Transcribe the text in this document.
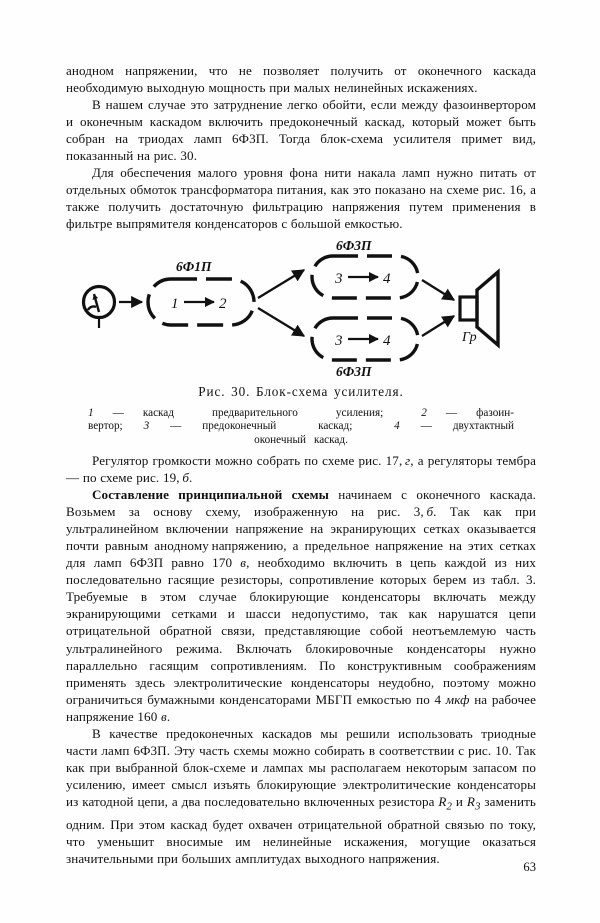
анодном напряжении, что не позволяет получить от оконечного каскада необходимую выходную мощность при малых нелинейных искажениях.

В нашем случае это затруднение легко обойти, если между фазоинвертором и оконечным каскадом включить предоконечный каскад, который может быть собран на триодах ламп 6Ф3П. Тогда блок-схема усилителя примет вид, показанный на рис. 30.

Для обеспечения малого уровня фона нити накала ламп нужно питать от отдельных обмоток трансформатора питания, как это показано на схеме рис. 16, а также получить достаточную фильтрацию напряжения путем применения в фильтре выпрямителя конденсаторов с большой емкостью.

1	2
6Ф1П
6Ф3П
3	4
3	4
6Ф3П
Гр
Рис. 30. Блок-схема усилителя.
1 — каскад  предварительного  усиления;  2 — фазоин-
вертор; 3 — предоконечный  каскад;  4 — двухтактный
оконечный  каскад.

Регулятор громкости можно собрать по схеме рис. 17, г, а регуляторы тембра — по схеме рис. 19, б.

Составление принципиальной схемы начинаем с оконечного каскада. Возьмем за основу схему, изображенную на рис. 3, б. Так как при ультралинейном включении напряжение на экранирующих сетках оказывается почти равным анодному напряжению, а предельное напряжение на этих сетках для ламп 6Ф3П равно 170 в, необходимо включить в цепь каждой из них последовательно гасящие резисторы, сопротивление которых берем из табл. 3. Требуемые в этом случае блокирующие конденсаторы включать между экранирующими сетками и шасси недопустимо, так как нарушатся цепи отрицательной обратной связи, представляющие собой неотъемлемую часть ультралинейного режима. Включать блокировочные конденсаторы нужно параллельно гасящим сопротивлениям. По конструктивным соображениям применять здесь электролитические конденсаторы неудобно, поэтому можно ограничиться бумажными конденсаторами МБГП емкостью по 4 мкф на рабочее напряжение 160 в.

В качестве предоконечных каскадов мы решили использовать триодные части ламп 6Ф3П. Эту часть схемы можно собирать в соответствии с рис. 10. Так как при выбранной блок-схеме и лампах мы располагаем некоторым запасом по усилению, имеет смысл изъять блокирующие электролитические конденсаторы из катодной цепи, а два последовательно включенных резистора $R_2$ и $R_3$ заменить одним. При этом каскад будет охвачен отрицательной обратной связью по току, что уменьшит вносимые им нелинейные искажения, могущие оказаться значительными при больших амплитудах выходного напряжения.

63
